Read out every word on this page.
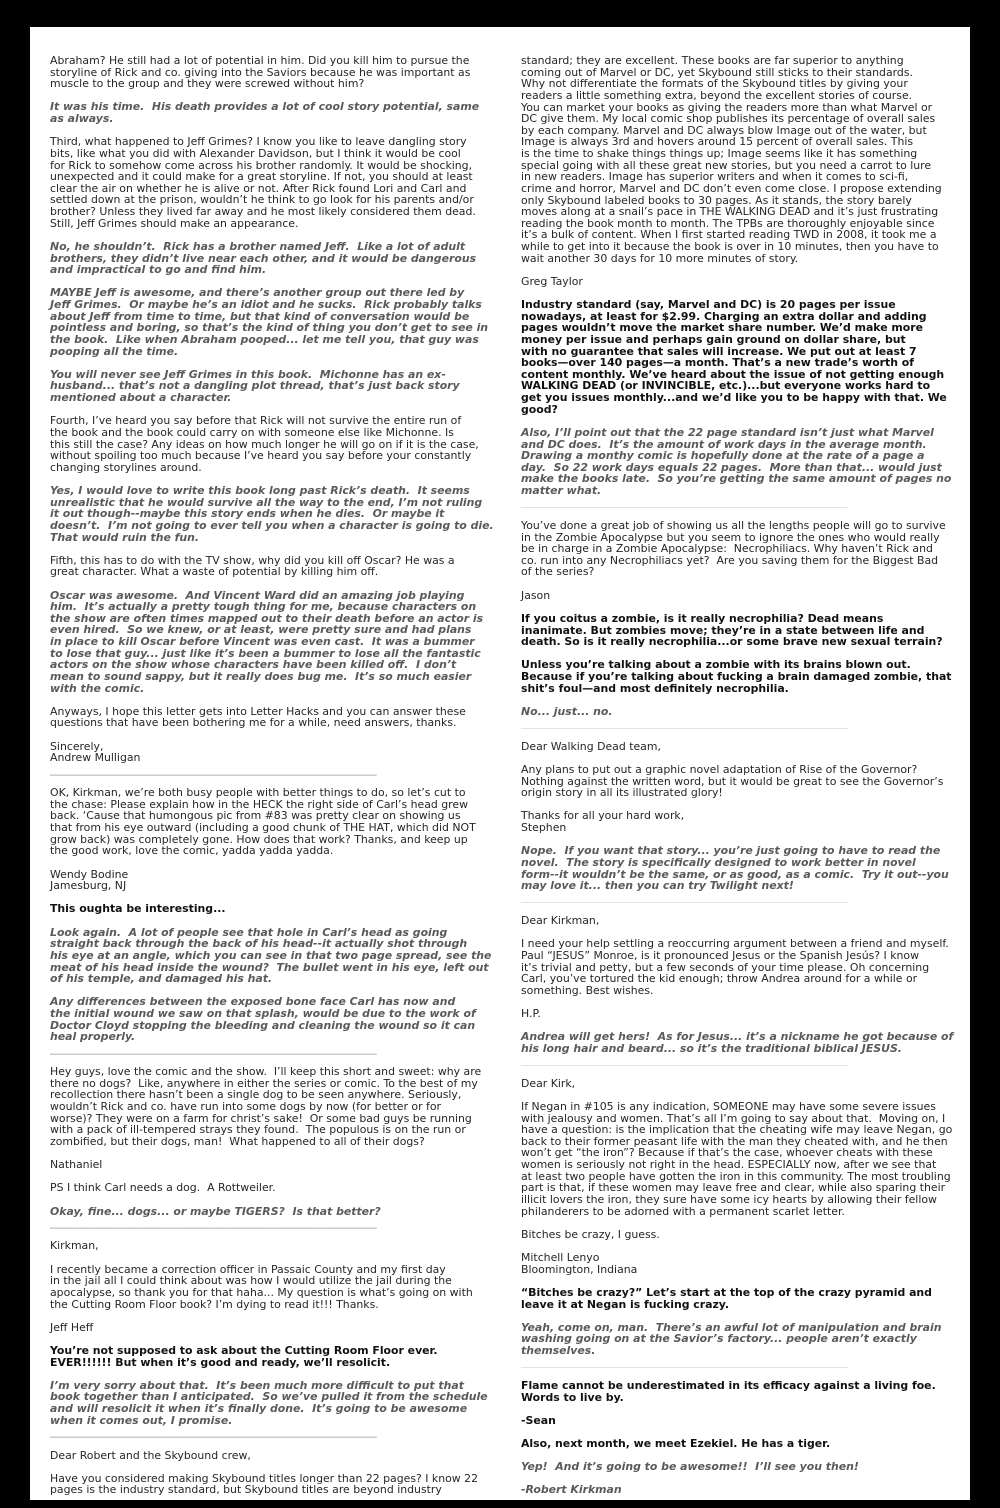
Abraham? He still had a lot of potential in him. Did you kill him to pursue the
storyline of Rick and co. giving into the Saviors because he was important as
muscle to the group and they were screwed without him?

It was his time.  His death provides a lot of cool story potential, same
as always.

Third, what happened to Jeff Grimes? I know you like to leave dangling story
bits, like what you did with Alexander Davidson, but I think it would be cool
for Rick to somehow come across his brother randomly. It would be shocking,
unexpected and it could make for a great storyline. If not, you should at least
clear the air on whether he is alive or not. After Rick found Lori and Carl and
settled down at the prison, wouldn’t he think to go look for his parents and/or
brother? Unless they lived far away and he most likely considered them dead.
Still, Jeff Grimes should make an appearance.

No, he shouldn’t.  Rick has a brother named Jeff.  Like a lot of adult
brothers, they didn’t live near each other, and it would be dangerous
and impractical to go and find him.

MAYBE Jeff is awesome, and there’s another group out there led by
Jeff Grimes.  Or maybe he’s an idiot and he sucks.  Rick probably talks
about Jeff from time to time, but that kind of conversation would be
pointless and boring, so that’s the kind of thing you don’t get to see in
the book.  Like when Abraham pooped... let me tell you, that guy was
pooping all the time.

You will never see Jeff Grimes in this book.  Michonne has an ex-
husband... that’s not a dangling plot thread, that’s just back story
mentioned about a character.

Fourth, I’ve heard you say before that Rick will not survive the entire run of
the book and the book could carry on with someone else like Michonne. Is
this still the case? Any ideas on how much longer he will go on if it is the case,
without spoiling too much because I’ve heard you say before your constantly
changing storylines around.

Yes, I would love to write this book long past Rick’s death.  It seems
unrealistic that he would survive all the way to the end, I’m not ruling
it out though--maybe this story ends when he dies.  Or maybe it
doesn’t.  I’m not going to ever tell you when a character is going to die.
That would ruin the fun.

Fifth, this has to do with the TV show, why did you kill off Oscar? He was a
great character. What a waste of potential by killing him off.

Oscar was awesome.  And Vincent Ward did an amazing job playing
him.  It’s actually a pretty tough thing for me, because characters on
the show are often times mapped out to their death before an actor is
even hired.  So we knew, or at least, were pretty sure and had plans
in place to kill Oscar before Vincent was even cast.  It was a bummer
to lose that guy... just like it’s been a bummer to lose all the fantastic
actors on the show whose characters have been killed off.  I don’t
mean to sound sappy, but it really does bug me.  It’s so much easier
with the comic.

Anyways, I hope this letter gets into Letter Hacks and you can answer these
questions that have been bothering me for a while, need answers, thanks.

Sincerely,
Andrew Mulligan

____________________________________________________________

OK, Kirkman, we’re both busy people with better things to do, so let’s cut to
the chase: Please explain how in the HECK the right side of Carl’s head grew
back. ‘Cause that humongous pic from #83 was pretty clear on showing us
that from his eye outward (including a good chunk of THE HAT, which did NOT
grow back) was completely gone. How does that work? Thanks, and keep up
the good work, love the comic, yadda yadda yadda.

Wendy Bodine
Jamesburg, NJ

This oughta be interesting...

Look again.  A lot of people see that hole in Carl’s head as going
straight back through the back of his head--it actually shot through
his eye at an angle, which you can see in that two page spread, see the
meat of his head inside the wound?  The bullet went in his eye, left out
of his temple, and damaged his hat.

Any differences between the exposed bone face Carl has now and
the initial wound we saw on that splash, would be due to the work of
Doctor Cloyd stopping the bleeding and cleaning the wound so it can
heal properly.

____________________________________________________________

Hey guys, love the comic and the show.  I’ll keep this short and sweet: why are
there no dogs?  Like, anywhere in either the series or comic. To the best of my
recollection there hasn’t been a single dog to be seen anywhere. Seriously,
wouldn’t Rick and co. have run into some dogs by now (for better or for
worse)? They were on a farm for christ’s sake!  Or some bad guys be running
with a pack of ill-tempered strays they found.  The populous is on the run or
zombified, but their dogs, man!  What happened to all of their dogs?

Nathaniel

PS I think Carl needs a dog.  A Rottweiler.

Okay, fine... dogs... or maybe TIGERS?  Is that better?

____________________________________________________________

Kirkman,

I recently became a correction officer in Passaic County and my first day
in the jail all I could think about was how I would utilize the jail during the
apocalypse, so thank you for that haha... My question is what’s going on with
the Cutting Room Floor book? I’m dying to read it!!! Thanks.

Jeff Heff

You’re not supposed to ask about the Cutting Room Floor ever.
EVER!!!!!! But when it’s good and ready, we’ll resolicit.

I’m very sorry about that.  It’s been much more difficult to put that
book together than I anticipated.  So we’ve pulled it from the schedule
and will resolicit it when it’s finally done.  It’s going to be awesome
when it comes out, I promise.

____________________________________________________________

Dear Robert and the Skybound crew,

Have you considered making Skybound titles longer than 22 pages? I know 22
pages is the industry standard, but Skybound titles are beyond industry

standard; they are excellent. These books are far superior to anything
coming out of Marvel or DC, yet Skybound still sticks to their standards.
Why not differentiate the formats of the Skybound titles by giving your
readers a little something extra, beyond the excellent stories of course.
You can market your books as giving the readers more than what Marvel or
DC give them. My local comic shop publishes its percentage of overall sales
by each company. Marvel and DC always blow Image out of the water, but
Image is always 3rd and hovers around 15 percent of overall sales. This
is the time to shake things things up; Image seems like it has something
special going with all these great new stories, but you need a carrot to lure
in new readers. Image has superior writers and when it comes to sci-fi,
crime and horror, Marvel and DC don’t even come close. I propose extending
only Skybound labeled books to 30 pages. As it stands, the story barely
moves along at a snail’s pace in THE WALKING DEAD and it’s just frustrating
reading the book month to month. The TPBs are thoroughly enjoyable since
it’s a bulk of content. When I first started reading TWD in 2008, it took me a
while to get into it because the book is over in 10 minutes, then you have to
wait another 30 days for 10 more minutes of story.

Greg Taylor

Industry standard (say, Marvel and DC) is 20 pages per issue
nowadays, at least for $2.99. Charging an extra dollar and adding
pages wouldn’t move the market share number. We’d make more
money per issue and perhaps gain ground on dollar share, but
with no guarantee that sales will increase. We put out at least 7
books—over 140 pages—a month. That’s a new trade’s worth of
content monthly. We’ve heard about the issue of not getting enough
WALKING DEAD (or INVINCIBLE, etc.)...but everyone works hard to
get you issues monthly...and we’d like you to be happy with that. We
good?

Also, I’ll point out that the 22 page standard isn’t just what Marvel
and DC does.  It’s the amount of work days in the average month.
Drawing a monthy comic is hopefully done at the rate of a page a
day.  So 22 work days equals 22 pages.  More than that... would just
make the books late.  So you’re getting the same amount of pages no
matter what.

____________________________________________________________

You’ve done a great job of showing us all the lengths people will go to survive
in the Zombie Apocalypse but you seem to ignore the ones who would really
be in charge in a Zombie Apocalypse:  Necrophiliacs. Why haven’t Rick and
co. run into any Necrophiliacs yet?  Are you saving them for the Biggest Bad
of the series?

Jason

If you coitus a zombie, is it really necrophilia? Dead means
inanimate. But zombies move; they’re in a state between life and
death. So is it really necrophilia...or some brave new sexual terrain?

Unless you’re talking about a zombie with its brains blown out.
Because if you’re talking about fucking a brain damaged zombie, that
shit’s foul—and most definitely necrophilia.

No... just... no.

____________________________________________________________

Dear Walking Dead team,

Any plans to put out a graphic novel adaptation of Rise of the Governor?
Nothing against the written word, but it would be great to see the Governor’s
origin story in all its illustrated glory!

Thanks for all your hard work,
Stephen

Nope.  If you want that story... you’re just going to have to read the
novel.  The story is specifically designed to work better in novel
form--it wouldn’t be the same, or as good, as a comic.  Try it out--you
may love it... then you can try Twilight next!

____________________________________________________________

Dear Kirkman,

I need your help settling a reoccurring argument between a friend and myself.
Paul “JESUS” Monroe, is it pronounced Jesus or the Spanish Jesús? I know
it’s trivial and petty, but a few seconds of your time please. Oh concerning
Carl, you’ve tortured the kid enough; throw Andrea around for a while or
something. Best wishes.

H.P.

Andrea will get hers!  As for Jesus... it’s a nickname he got because of
his long hair and beard... so it’s the traditional biblical JESUS.

____________________________________________________________

Dear Kirk,

If Negan in #105 is any indication, SOMEONE may have some severe issues
with jealousy and women. That’s all I’m going to say about that.  Moving on, I
have a question: is the implication that the cheating wife may leave Negan, go
back to their former peasant life with the man they cheated with, and he then
won’t get “the iron”? Because if that’s the case, whoever cheats with these
women is seriously not right in the head. ESPECIALLY now, after we see that
at least two people have gotten the iron in this community. The most troubling
part is that, if these women may leave free and clear, while also sparing their
illicit lovers the iron, they sure have some icy hearts by allowing their fellow
philanderers to be adorned with a permanent scarlet letter.

Bitches be crazy, I guess.

Mitchell Lenyo
Bloomington, Indiana

“Bitches be crazy?” Let’s start at the top of the crazy pyramid and
leave it at Negan is fucking crazy.

Yeah, come on, man.  There’s an awful lot of manipulation and brain
washing going on at the Savior’s factory... people aren’t exactly
themselves.

____________________________________________________________

Flame cannot be underestimated in its efficacy against a living foe.
Words to live by.

-Sean

Also, next month, we meet Ezekiel. He has a tiger.

Yep!  And it’s going to be awesome!!  I’ll see you then!

-Robert Kirkman
